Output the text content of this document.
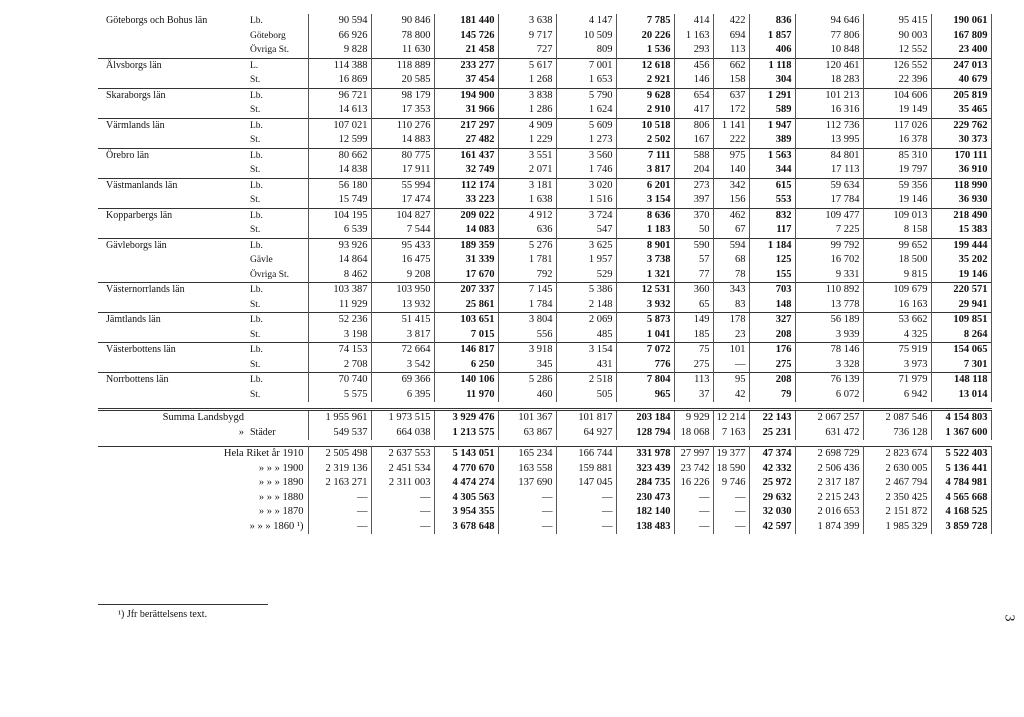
Göteborgs och Bohus län	Lb.	90 594	90 846	181 440	3 638	4 147	7 785	414	422	836	94 646	95 415	190 061
	Göteborg	66 926	78 800	145 726	9 717	10 509	20 226	1 163	694	1 857	77 806	90 003	167 809
	Övriga St.	9 828	11 630	21 458	727	809	1 536	293	113	406	10 848	12 552	23 400
Älvsborgs län	L.	114 388	118 889	233 277	5 617	7 001	12 618	456	662	1 118	120 461	126 552	247 013
	St.	16 869	20 585	37 454	1 268	1 653	2 921	146	158	304	18 283	22 396	40 679
Skaraborgs län	Lb.	96 721	98 179	194 900	3 838	5 790	9 628	654	637	1 291	101 213	104 606	205 819
	St.	14 613	17 353	31 966	1 286	1 624	2 910	417	172	589	16 316	19 149	35 465
Värmlands län	Lb.	107 021	110 276	217 297	4 909	5 609	10 518	806	1 141	1 947	112 736	117 026	229 762
	St.	12 599	14 883	27 482	1 229	1 273	2 502	167	222	389	13 995	16 378	30 373
Örebro län	Lb.	80 662	80 775	161 437	3 551	3 560	7 111	588	975	1 563	84 801	85 310	170 111
	St.	14 838	17 911	32 749	2 071	1 746	3 817	204	140	344	17 113	19 797	36 910
Västmanlands län	Lb.	56 180	55 994	112 174	3 181	3 020	6 201	273	342	615	59 634	59 356	118 990
	St.	15 749	17 474	33 223	1 638	1 516	3 154	397	156	553	17 784	19 146	36 930
Kopparbergs län	Lb.	104 195	104 827	209 022	4 912	3 724	8 636	370	462	832	109 477	109 013	218 490
	St.	6 539	7 544	14 083	636	547	1 183	50	67	117	7 225	8 158	15 383
Gävleborgs län	Lb.	93 926	95 433	189 359	5 276	3 625	8 901	590	594	1 184	99 792	99 652	199 444
	Gävle	14 864	16 475	31 339	1 781	1 957	3 738	57	68	125	16 702	18 500	35 202
	Övriga St.	8 462	9 208	17 670	792	529	1 321	77	78	155	9 331	9 815	19 146
Västernorrlands län	Lb.	103 387	103 950	207 337	7 145	5 386	12 531	360	343	703	110 892	109 679	220 571
	St.	11 929	13 932	25 861	1 784	2 148	3 932	65	83	148	13 778	16 163	29 941
Jämtlands län	Lb.	52 236	51 415	103 651	3 804	2 069	5 873	149	178	327	56 189	53 662	109 851
	St.	3 198	3 817	7 015	556	485	1 041	185	23	208	3 939	4 325	8 264
Västerbottens län	Lb.	74 153	72 664	146 817	3 918	3 154	7 072	75	101	176	78 146	75 919	154 065
	St.	2 708	3 542	6 250	345	431	776	275	—	275	3 328	3 973	7 301
Norrbottens län	Lb.	70 740	69 366	140 106	5 286	2 518	7 804	113	95	208	76 139	71 979	148 118
	St.	5 575	6 395	11 970	460	505	965	37	42	79	6 072	6 942	13 014

Summa Landsbygd		1 955 961	1 973 515	3 929 476	101 367	101 817	203 184	9 929	12 214	22 143	2 067 257	2 087 546	4 154 803
»	Städer	549 537	664 038	1 213 575	63 867	64 927	128 794	18 068	7 163	25 231	631 472	736 128	1 367 600

Hela Riket år 1910		2 505 498	2 637 553	5 143 051	165 234	166 744	331 978	27 997	19 377	47 374	2 698 729	2 823 674	5 522 403
» » » 1900		2 319 136	2 451 534	4 770 670	163 558	159 881	323 439	23 742	18 590	42 332	2 506 436	2 630 005	5 136 441
» » » 1890		2 163 271	2 311 003	4 474 274	137 690	147 045	284 735	16 226	9 746	25 972	2 317 187	2 467 794	4 784 981
» » » 1880		—	—	4 305 563	—	—	230 473	—	—	29 632	2 215 243	2 350 425	4 565 668
» » » 1870		—	—	3 954 355	—	—	182 140	—	—	32 030	2 016 653	2 151 872	4 168 525
» » » 1860 ¹)		—	—	3 678 648	—	—	138 483	—	—	42 597	1 874 399	1 985 329	3 859 728
¹) Jfr berättelsens text.	3
